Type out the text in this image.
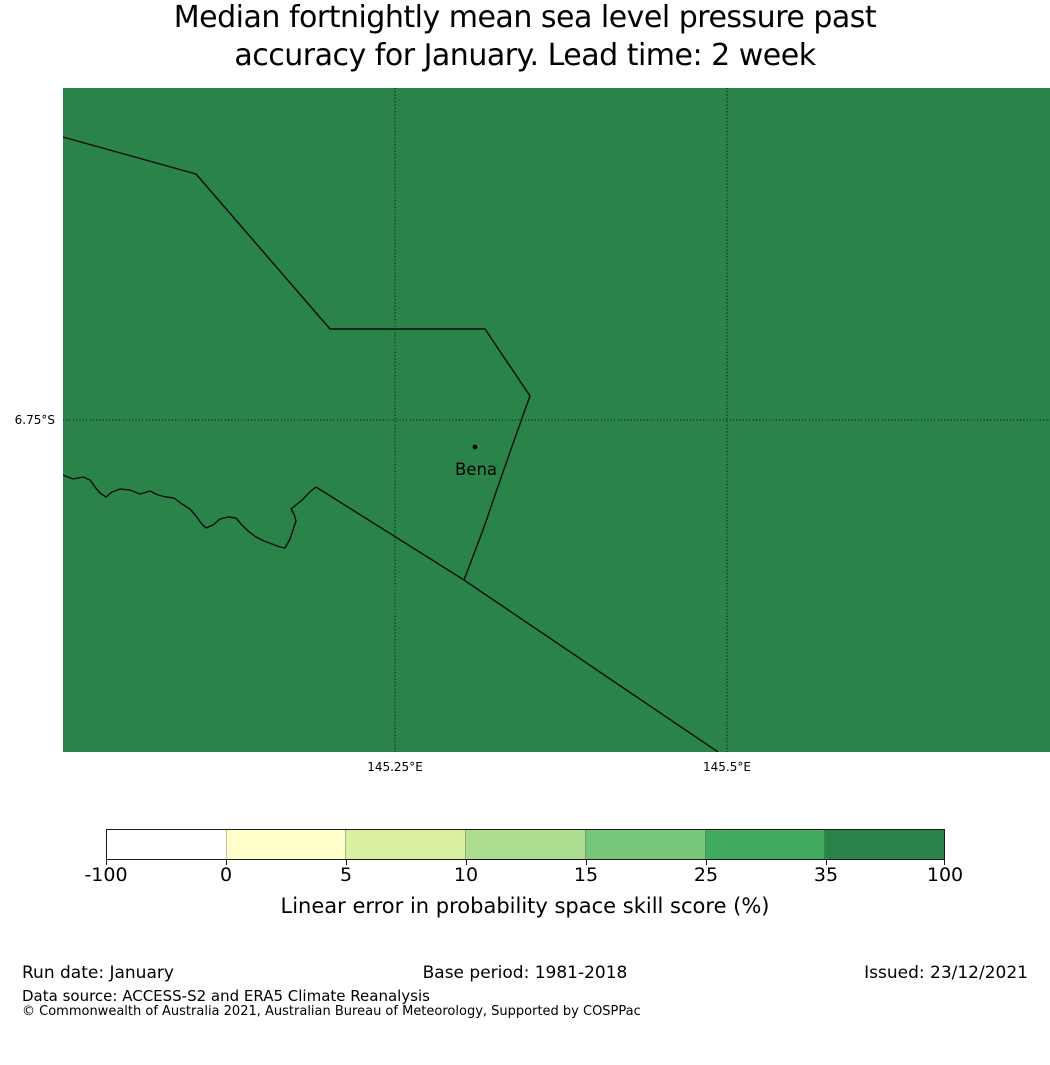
Median fortnightly mean sea level pressure past
accuracy for January. Lead time: 2 week
Bena
6.75°S
145.25°E	145.5°E
-100	0	5	10	15	25	35	100
Linear error in probability space skill score (%)
Run date: January	Base period: 1981-2018	Issued: 23/12/2021
Data source: ACCESS-S2 and ERA5 Climate Reanalysis
© Commonwealth of Australia 2021, Australian Bureau of Meteorology, Supported by COSPPac
